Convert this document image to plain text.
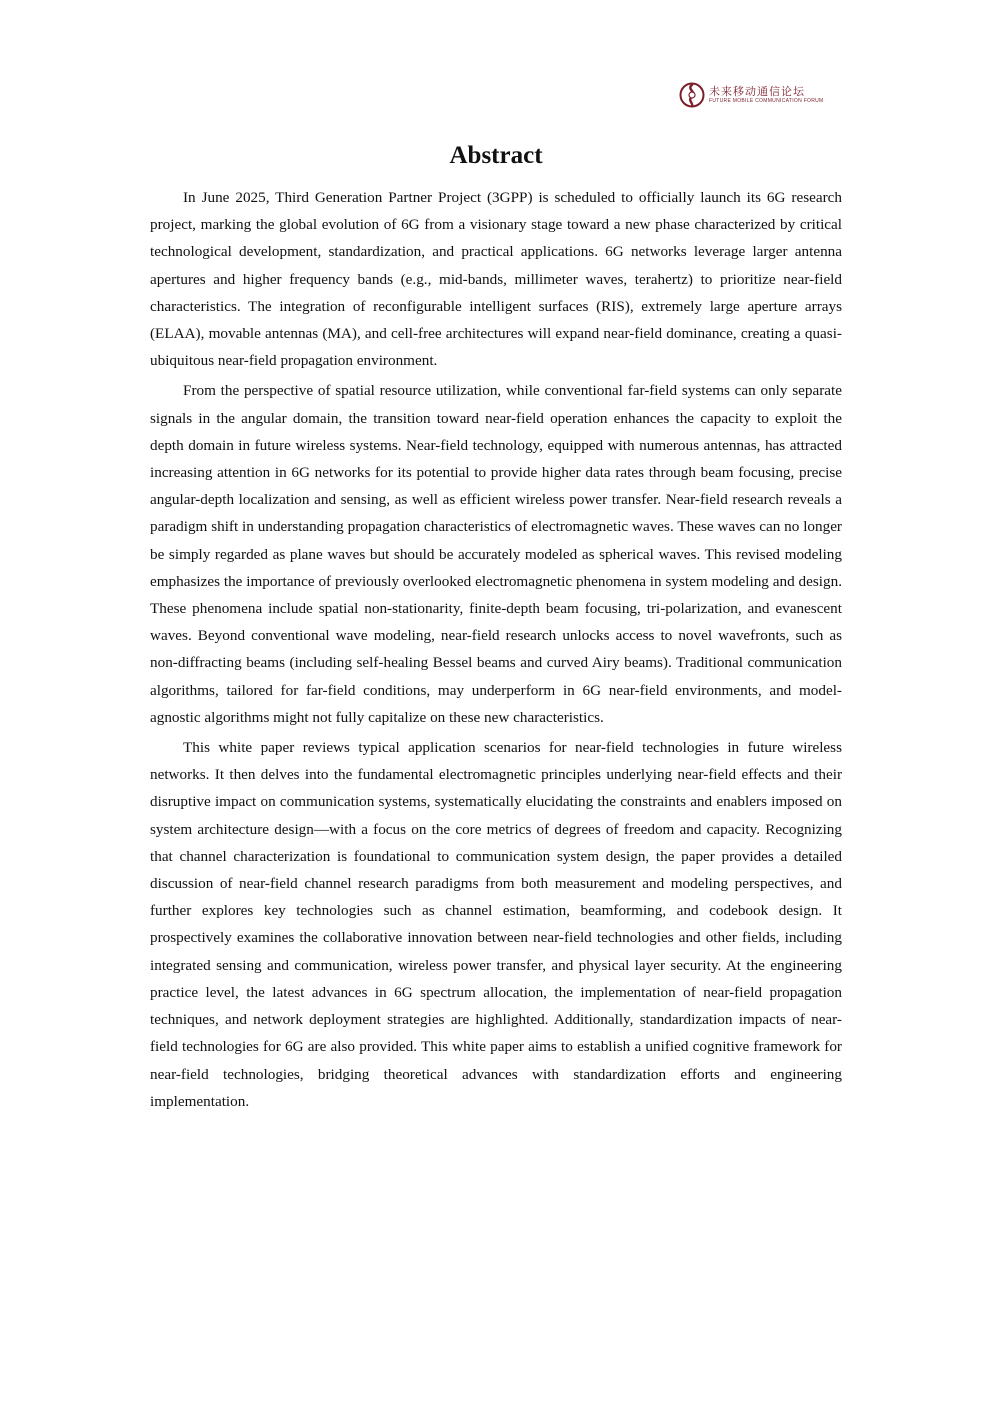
未来移动通信论坛
FUTURE MOBILE COMMUNICATION FORUM
Abstract

In June 2025, Third Generation Partner Project (3GPP) is scheduled to officially launch its 6G research project, marking the global evolution of 6G from a visionary stage toward a new phase characterized by critical technological development, standardization, and practical applications. 6G networks leverage larger antenna apertures and higher frequency bands (e.g., mid-bands, millimeter waves, terahertz) to prioritize near-field characteristics. The integration of reconfigurable intelligent surfaces (RIS), extremely large aperture arrays (ELAA), movable antennas (MA), and cell-free architectures will expand near-field dominance, creating a quasi-ubiquitous near-field propagation environment.

From the perspective of spatial resource utilization, while conventional far-field systems can only separate signals in the angular domain, the transition toward near-field operation enhances the capacity to exploit the depth domain in future wireless systems. Near-field technology, equipped with numerous antennas, has attracted increasing attention in 6G networks for its potential to provide higher data rates through beam focusing, precise angular-depth localization and sensing, as well as efficient wireless power transfer. Near-field research reveals a paradigm shift in understanding propagation characteristics of electromagnetic waves. These waves can no longer be simply regarded as plane waves but should be accurately modeled as spherical waves. This revised modeling emphasizes the importance of previously overlooked electromagnetic phenomena in system modeling and design. These phenomena include spatial non-stationarity, finite-depth beam focusing, tri-polarization, and evanescent waves. Beyond conventional wave modeling, near-field research unlocks access to novel wavefronts, such as non-diffracting beams (including self-healing Bessel beams and curved Airy beams). Traditional communication algorithms, tailored for far-field conditions, may underperform in 6G near-field environments, and model-agnostic algorithms might not fully capitalize on these new characteristics.

This white paper reviews typical application scenarios for near-field technologies in future wireless networks. It then delves into the fundamental electromagnetic principles underlying near-field effects and their disruptive impact on communication systems, systematically elucidating the constraints and enablers imposed on system architecture design—with a focus on the core metrics of degrees of freedom and capacity. Recognizing that channel characterization is foundational to communication system design, the paper provides a detailed discussion of near-field channel research paradigms from both measurement and modeling perspectives, and further explores key technologies such as channel estimation, beamforming, and codebook design. It prospectively examines the collaborative innovation between near-field technologies and other fields, including integrated sensing and communication, wireless power transfer, and physical layer security. At the engineering practice level, the latest advances in 6G spectrum allocation, the implementation of near-field propagation techniques, and network deployment strategies are highlighted. Additionally, standardization impacts of near-field technologies for 6G are also provided. This white paper aims to establish a unified cognitive framework for near-field technologies, bridging theoretical advances with standardization efforts and engineering implementation.
